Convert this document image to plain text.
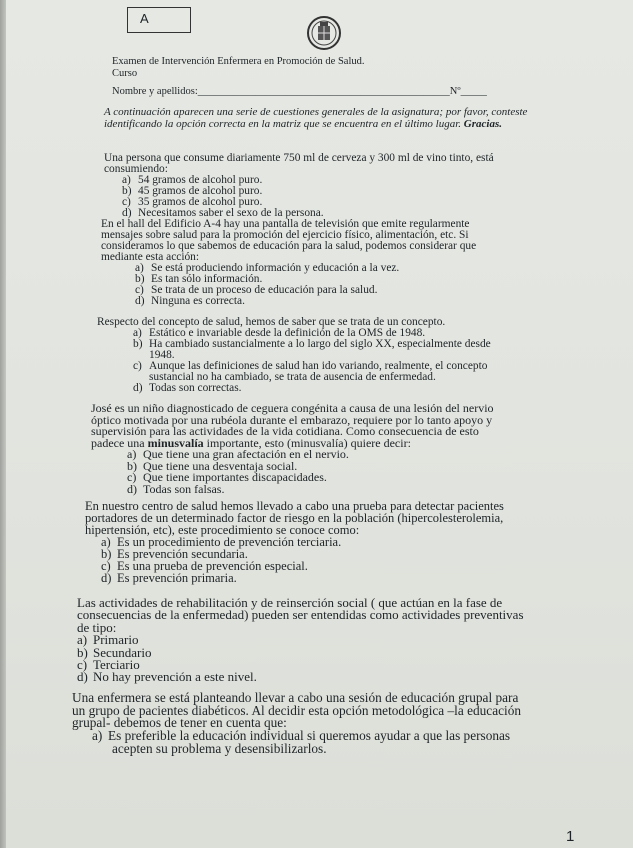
A
Examen de Intervención Enfermera en Promoción de Salud.
Curso
Nombre y apellidos:________________________________________________Nº_____
A continuación aparecen una serie de cuestiones generales de la asignatura; por favor, conteste identificando la opción correcta en la matriz que se encuentra en el último lugar. Gracias.
Una persona que consume diariamente 750 ml de cerveza y 300 ml de vino tinto, está
consumiendo:
a) 54 gramos de alcohol puro.
b) 45 gramos de alcohol puro.
c) 35 gramos de alcohol puro.
d) Necesitamos saber el sexo de la persona.
En el hall del Edificio A-4 hay una pantalla de televisión que emite regularmente
mensajes sobre salud para la promoción del ejercicio físico, alimentación, etc. Si
consideramos lo que sabemos de educación para la salud, podemos considerar que
mediante esta acción:
a) Se está produciendo información y educación a la vez.
b) Es tan sólo información.
c) Se trata de un proceso de educación para la salud.
d) Ninguna es correcta.
Respecto del concepto de salud, hemos de saber que se trata de un concepto.
a) Estático e invariable desde la definición de la OMS de 1948.
b) Ha cambiado sustancialmente a lo largo del siglo XX, especialmente desde
1948.
c) Aunque las definiciones de salud han ido variando, realmente, el concepto
sustancial no ha cambiado, se trata de ausencia de enfermedad.
d) Todas son correctas.
José es un niño diagnosticado de ceguera congénita a causa de una lesión del nervio
óptico motivada por una rubéola durante el embarazo, requiere por lo tanto apoyo y
supervisión para las actividades de la vida cotidiana. Como consecuencia de esto
padece una minusvalía importante, esto (minusvalía) quiere decir:
a) Que tiene una gran afectación en el nervio.
b) Que tiene una desventaja social.
c) Que tiene importantes discapacidades.
d) Todas son falsas.
En nuestro centro de salud hemos llevado a cabo una prueba para detectar pacientes
portadores de un determinado factor de riesgo en la población (hipercolesterolemia,
hipertensión, etc), este procedimiento se conoce como:
a) Es un procedimiento de prevención terciaria.
b) Es prevención secundaria.
c) Es una prueba de prevención especial.
d) Es prevención primaria.
Las actividades de rehabilitación y de reinserción social ( que actúan en la fase de
consecuencias de la enfermedad) pueden ser entendidas como actividades preventivas
de tipo:
a) Primario
b) Secundario
c) Terciario
d) No hay prevención a este nivel.
Una enfermera se está planteando llevar a cabo una sesión de educación grupal para
un grupo de pacientes diabéticos. Al decidir esta opción metodológica –la educación
grupal- debemos de tener en cuenta que:
a) Es preferible la educación individual si queremos ayudar a que las personas
acepten su problema y desensibilizarlos.
1
